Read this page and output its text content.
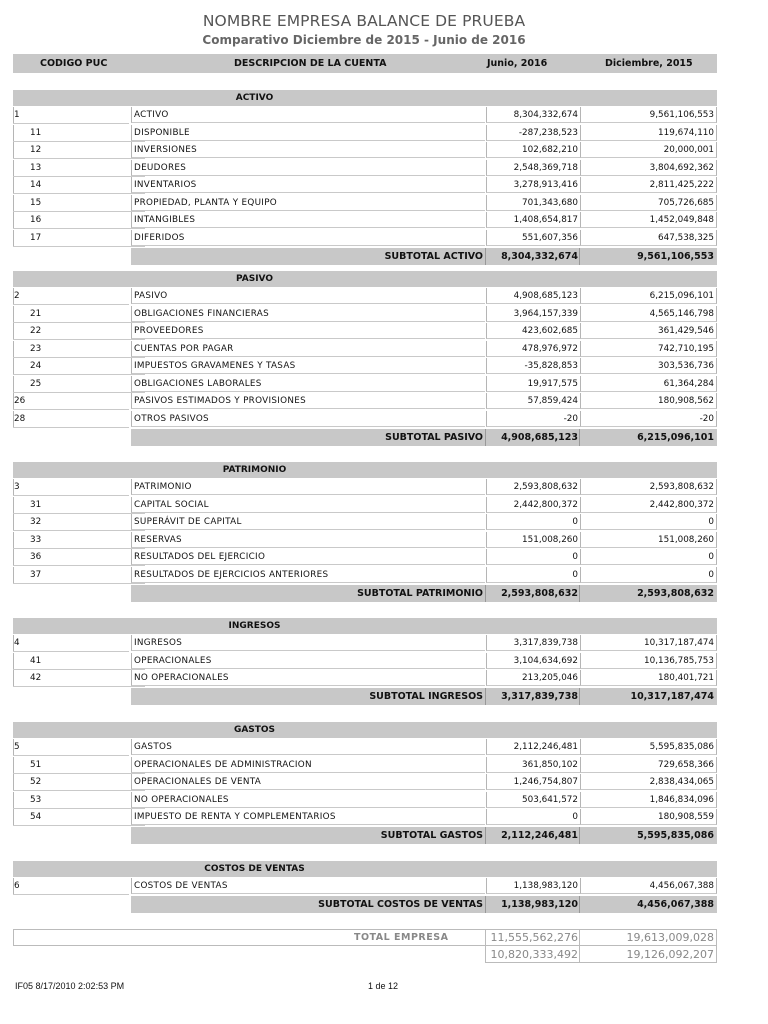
NOMBRE EMPRESA BALANCE DE PRUEBA
Comparativo Diciembre de 2015 - Junio de 2016
CODIGO PUC	DESCRIPCION DE LA CUENTA	Junio, 2016	Diciembre, 2015
ACTIVO
1	ACTIVO	8,304,332,674	9,561,106,553
11	DISPONIBLE	-287,238,523	119,674,110
12	INVERSIONES	102,682,210	20,000,001
13	DEUDORES	2,548,369,718	3,804,692,362
14	INVENTARIOS	3,278,913,416	2,811,425,222
15	PROPIEDAD, PLANTA Y EQUIPO	701,343,680	705,726,685
16	INTANGIBLES	1,408,654,817	1,452,049,848
17	DIFERIDOS	551,607,356	647,538,325
SUBTOTAL ACTIVO	8,304,332,674	9,561,106,553
PASIVO
2	PASIVO	4,908,685,123	6,215,096,101
21	OBLIGACIONES FINANCIERAS	3,964,157,339	4,565,146,798
22	PROVEEDORES	423,602,685	361,429,546
23	CUENTAS POR PAGAR	478,976,972	742,710,195
24	IMPUESTOS GRAVAMENES Y TASAS	-35,828,853	303,536,736
25	OBLIGACIONES LABORALES	19,917,575	61,364,284
26	PASIVOS ESTIMADOS Y PROVISIONES	57,859,424	180,908,562
28	OTROS PASIVOS	-20	-20
SUBTOTAL PASIVO	4,908,685,123	6,215,096,101
PATRIMONIO
3	PATRIMONIO	2,593,808,632	2,593,808,632
31	CAPITAL SOCIAL	2,442,800,372	2,442,800,372
32	SUPERÁVIT DE CAPITAL	0	0
33	RESERVAS	151,008,260	151,008,260
36	RESULTADOS DEL EJERCICIO	0	0
37	RESULTADOS DE EJERCICIOS ANTERIORES	0	0
SUBTOTAL PATRIMONIO	2,593,808,632	2,593,808,632
INGRESOS
4	INGRESOS	3,317,839,738	10,317,187,474
41	OPERACIONALES	3,104,634,692	10,136,785,753
42	NO OPERACIONALES	213,205,046	180,401,721
SUBTOTAL INGRESOS	3,317,839,738	10,317,187,474
GASTOS
5	GASTOS	2,112,246,481	5,595,835,086
51	OPERACIONALES DE ADMINISTRACION	361,850,102	729,658,366
52	OPERACIONALES DE VENTA	1,246,754,807	2,838,434,065
53	NO OPERACIONALES	503,641,572	1,846,834,096
54	IMPUESTO DE RENTA Y COMPLEMENTARIOS	0	180,908,559
SUBTOTAL GASTOS	2,112,246,481	5,595,835,086
COSTOS DE VENTAS
6	COSTOS DE VENTAS	1,138,983,120	4,456,067,388
SUBTOTAL COSTOS DE VENTAS	1,138,983,120	4,456,067,388
TOTAL EMPRESA	11,555,562,276	19,613,009,028
10,820,333,492	19,126,092,207
IF05 8/17/2010 2:02:53 PM	1 de 12
